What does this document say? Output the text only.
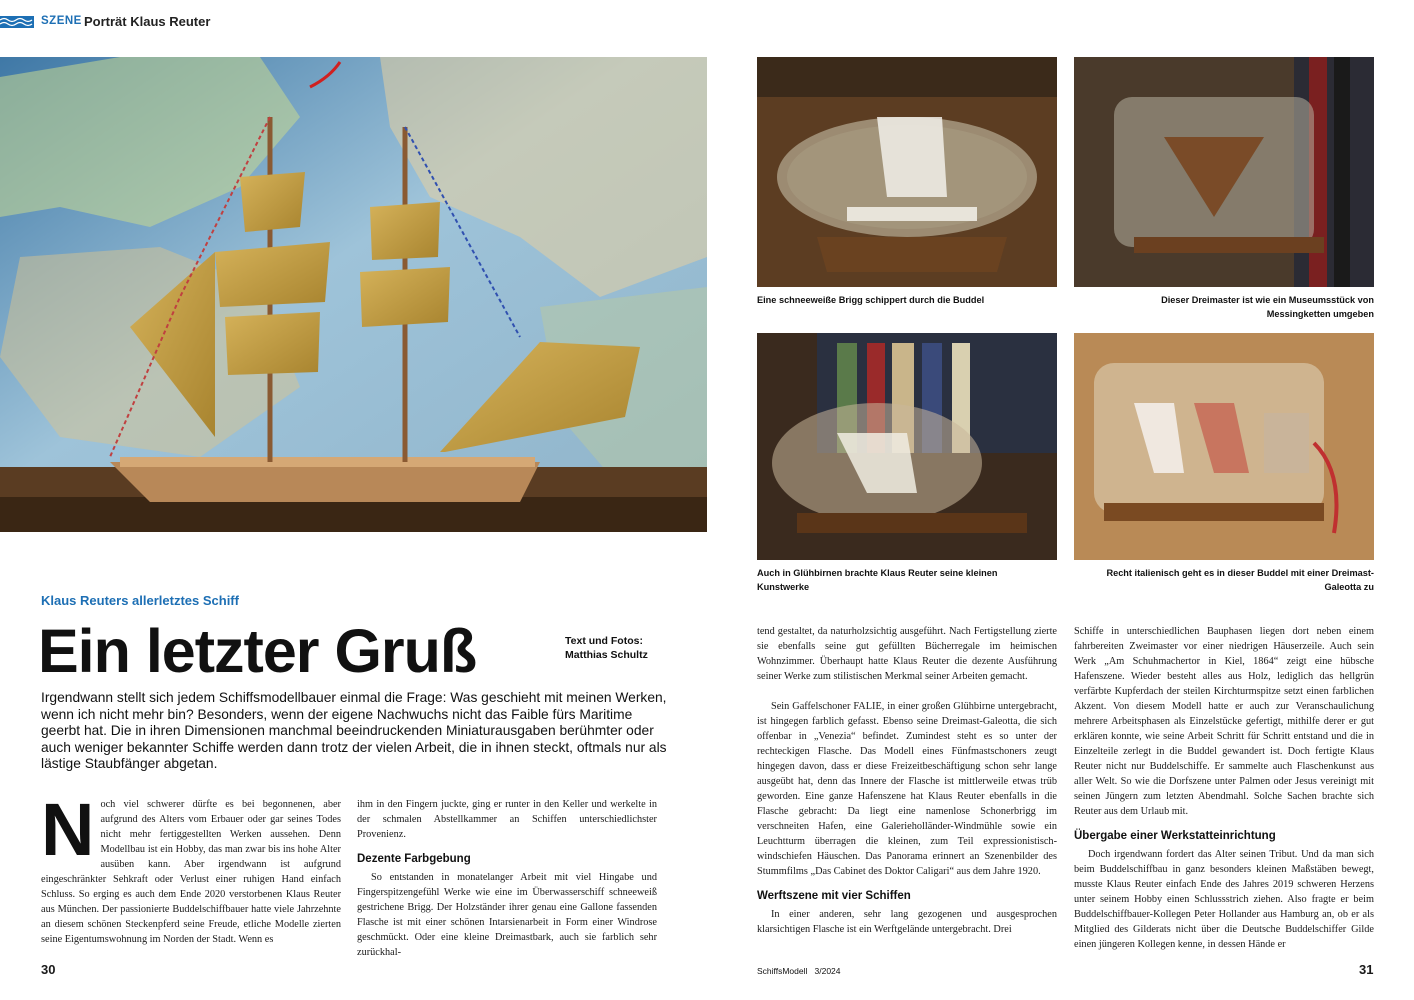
SZENE Porträt Klaus Reuter
Eine schneeweiße Brigg schippert durch die Buddel	Dieser Dreimaster ist wie ein Museumsstück von Messingketten umgeben
Auch in Glühbirnen brachte Klaus Reuter seine kleinen Kunstwerke
Recht italienisch geht es in dieser Buddel mit einer Dreimast-Galeotta zu
Klaus Reuters allerletztes Schiff
Ein letzter Gruß	Text und Fotos:
Matthias Schultz
Irgendwann stellt sich jedem Schiffsmodellbauer einmal die Frage: Was geschieht mit meinen Werken, wenn ich nicht mehr bin? Besonders, wenn der eigene Nachwuchs nicht das Faible fürs Maritime geerbt hat. Die in ihren Dimensionen manchmal beeindruckenden Miniaturausgaben berühmter oder auch weniger bekannter Schiffe werden dann trotz der vielen Arbeit, die in ihnen steckt, oftmals nur als lästige Staubfänger abgetan.
N och viel schwerer dürfte es bei begonnenen, aber aufgrund des Alters vom Erbauer oder gar seines Todes nicht mehr fertiggestellten Werken aussehen. Denn Modellbau ist ein Hobby, das man zwar bis ins hohe Alter ausüben kann. Aber irgendwann ist aufgrund eingeschränkter Sehkraft oder Verlust einer ruhigen Hand einfach Schluss. So erging es auch dem Ende 2020 verstorbenen Klaus Reuter aus München. Der passionierte Buddelschiffbauer hatte viele Jahrzehnte an diesem schönen Steckenpferd seine Freude, etliche Modelle zierten seine Eigentumswohnung im Norden der Stadt. Wenn es

ihm in den Fingern juckte, ging er runter in den Keller und werkelte in der schmalen Abstellkammer an Schiffen unterschiedlichster Provenienz.

Dezente Farbgebung

So entstanden in monatelanger Arbeit mit viel Hingabe und Fingerspitzengefühl Werke wie eine im Überwasserschiff schneeweiß gestrichene Brigg. Der Holzständer ihrer genau eine Gallone fassenden Flasche ist mit einer schönen Intarsienarbeit in Form einer Windrose geschmückt. Oder eine kleine Dreimastbark, auch sie farblich sehr zurückhal-

tend gestaltet, da naturholzsichtig ausgeführt. Nach Fertigstellung zierte sie ebenfalls seine gut gefüllten Bücherregale im heimischen Wohnzimmer. Überhaupt hatte Klaus Reuter die dezente Ausführung seiner Werke zum stilistischen Merkmal seiner Arbeiten gemacht.

Sein Gaffelschoner FALIE, in einer großen Glühbirne untergebracht, ist hingegen farblich gefasst. Ebenso seine Dreimast-Galeotta, die sich offenbar in „Venezia“ befindet. Zumindest steht es so unter der rechteckigen Flasche. Das Modell eines Fünfmastschoners zeugt hingegen davon, dass er diese Freizeitbeschäftigung schon sehr lange ausgeübt hat, denn das Innere der Flasche ist mittlerweile etwas trüb geworden. Eine ganze Hafenszene hat Klaus Reuter ebenfalls in die Flasche gebracht: Da liegt eine namenlose Schonerbrigg im verschneiten Hafen, eine Galerieholländer-Windmühle sowie ein Leuchtturm überragen die kleinen, zum Teil expressionistisch-windschiefen Häuschen. Das Panorama erinnert an Szenenbilder des Stummfilms „Das Cabinet des Doktor Caligari“ aus dem Jahre 1920.

Werftszene mit vier Schiffen

In einer anderen, sehr lang gezogenen und ausgesprochen klarsichtigen Flasche ist ein Werftgelände untergebracht. Drei

Schiffe in unterschiedlichen Bauphasen liegen dort neben einem fahrbereiten Zweimaster vor einer niedrigen Häuserzeile. Auch sein Werk „Am Schuhmachertor in Kiel, 1864“ zeigt eine hübsche Hafenszene. Wieder besteht alles aus Holz, lediglich das hellgrün verfärbte Kupferdach der steilen Kirchturmspitze setzt einen farblichen Akzent. Von diesem Modell hatte er auch zur Veranschaulichung mehrere Arbeitsphasen als Einzelstücke gefertigt, mithilfe derer er gut erklären konnte, wie seine Arbeit Schritt für Schritt entstand und die in Einzelteile zerlegt in die Buddel gewandert ist. Doch fertigte Klaus Reuter nicht nur Buddelschiffe. Er sammelte auch Flaschenkunst aus aller Welt. So wie die Dorfszene unter Palmen oder Jesus vereinigt mit seinen Jüngern zum letzten Abendmahl. Solche Sachen brachte sich Reuter aus dem Urlaub mit.

Übergabe einer Werkstatteinrichtung

Doch irgendwann fordert das Alter seinen Tribut. Und da man sich beim Buddelschiffbau in ganz besonders kleinen Maßstäben bewegt, musste Klaus Reuter einfach Ende des Jahres 2019 schweren Herzens unter seinem Hobby einen Schlussstrich ziehen. Also fragte er beim Buddelschiffbauer-Kollegen Peter Hollander aus Hamburg an, ob er als Mitglied des Gilderats nicht über die Deutsche Buddelschiffer Gilde einen jüngeren Kollegen kenne, in dessen Hände er

30	SchiffsModell 3/2024	31
